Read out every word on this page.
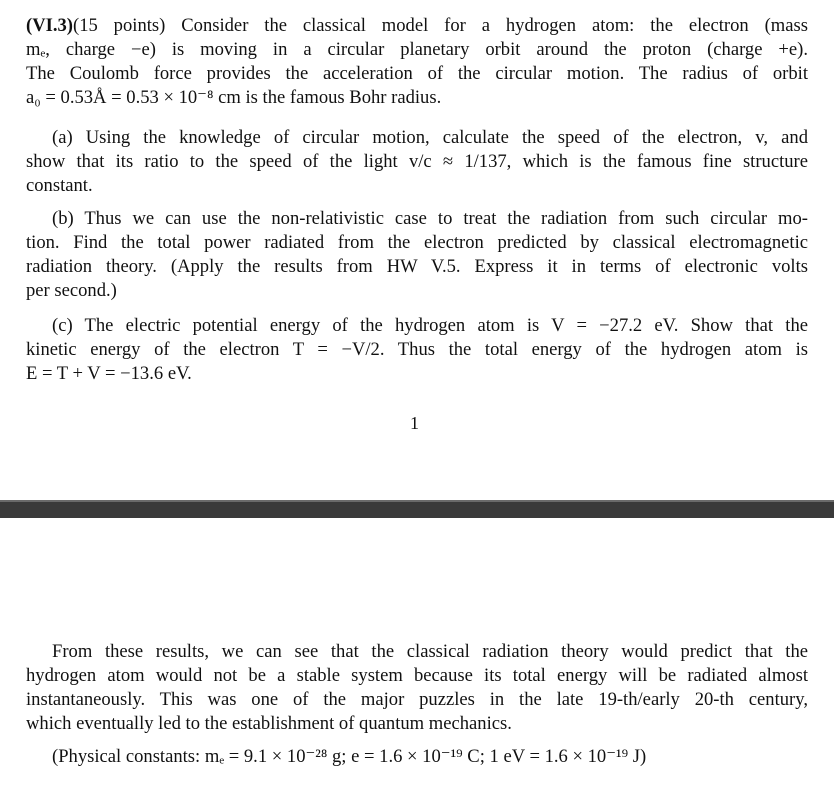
(VI.3)(15 points) Consider the classical model for a hydrogen atom: the electron (mass
mₑ, charge −e) is moving in a circular planetary orbit around the proton (charge +e).
The Coulomb force provides the acceleration of the circular motion. The radius of orbit
a₀ = 0.53Å = 0.53 × 10⁻⁸ cm is the famous Bohr radius.

(a) Using the knowledge of circular motion, calculate the speed of the electron, v, and
show that its ratio to the speed of the light v/c ≈ 1/137, which is the famous fine structure
constant.

(b) Thus we can use the non-relativistic case to treat the radiation from such circular mo-
tion. Find the total power radiated from the electron predicted by classical electromagnetic
radiation theory. (Apply the results from HW V.5. Express it in terms of electronic volts
per second.)

(c) The electric potential energy of the hydrogen atom is V = −27.2 eV. Show that the
kinetic energy of the electron T = −V/2. Thus the total energy of the hydrogen atom is
E = T + V = −13.6 eV.

1

From these results, we can see that the classical radiation theory would predict that the
hydrogen atom would not be a stable system because its total energy will be radiated almost
instantaneously. This was one of the major puzzles in the late 19-th/early 20-th century,
which eventually led to the establishment of quantum mechanics.

(Physical constants: mₑ = 9.1 × 10⁻²⁸ g; e = 1.6 × 10⁻¹⁹ C; 1 eV = 1.6 × 10⁻¹⁹ J)
